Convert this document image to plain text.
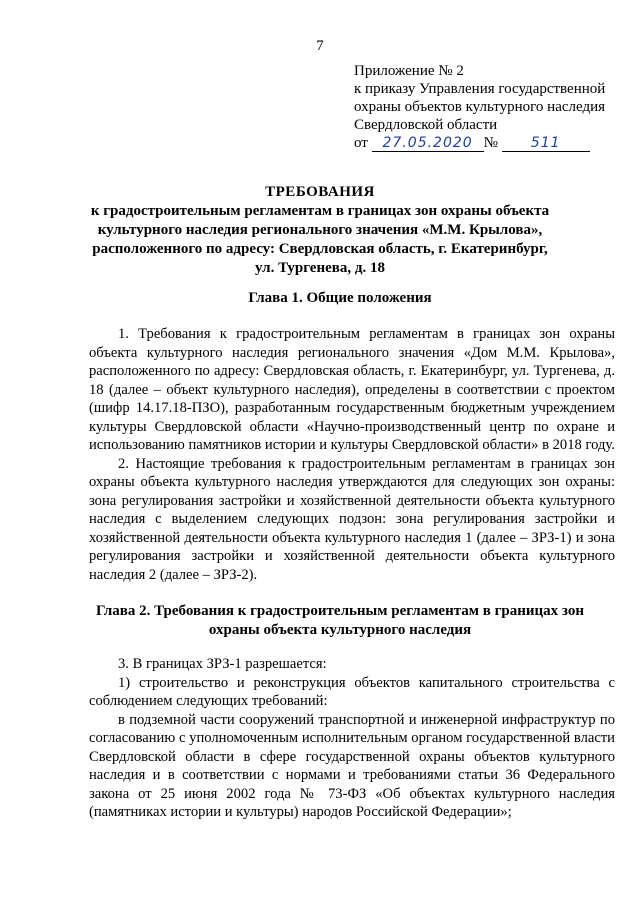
7
Приложение № 2
к приказу Управления государственной
охраны объектов культурного наследия
Свердловской области
от 27.05.2020 № 511
ТРЕБОВАНИЯ
к градостроительным регламентам в границах зон охраны объекта
культурного наследия регионального значения «М.М. Крылова»,
расположенного по адресу: Свердловская область, г. Екатеринбург,
ул. Тургенева, д. 18
Глава 1. Общие положения

1. Требования к градостроительным регламентам в границах зон охраны объекта культурного наследия регионального значения «Дом М.М. Крылова», расположенного по адресу: Свердловская область, г. Екатеринбург, ул. Тургенева, д. 18 (далее – объект культурного наследия), определены в соответствии с проектом (шифр 14.17.18-ПЗО), разработанным государственным бюджетным учреждением культуры Свердловской области «Научно-производственный центр по охране и использованию памятников истории и культуры Свердловской области» в 2018 году.

2. Настоящие требования к градостроительным регламентам в границах зон охраны объекта культурного наследия утверждаются для следующих зон охраны: зона регулирования застройки и хозяйственной деятельности объекта культурного наследия с выделением следующих подзон: зона регулирования застройки и хозяйственной деятельности объекта культурного наследия 1 (далее – ЗРЗ-1) и зона регулирования застройки и хозяйственной деятельности объекта культурного наследия 2 (далее – ЗРЗ-2).

Глава 2. Требования к градостроительным регламентам в границах зон
охраны объекта культурного наследия

3. В границах ЗРЗ-1 разрешается:

1) строительство и реконструкция объектов капитального строительства с соблюдением следующих требований:

в подземной части сооружений транспортной и инженерной инфраструктур по согласованию с уполномоченным исполнительным органом государственной власти Свердловской области в сфере государственной охраны объектов культурного наследия и в соответствии с нормами и требованиями статьи 36 Федерального закона от 25 июня 2002 года № 73-ФЗ «Об объектах культурного наследия (памятниках истории и культуры) народов Российской Федерации»;
